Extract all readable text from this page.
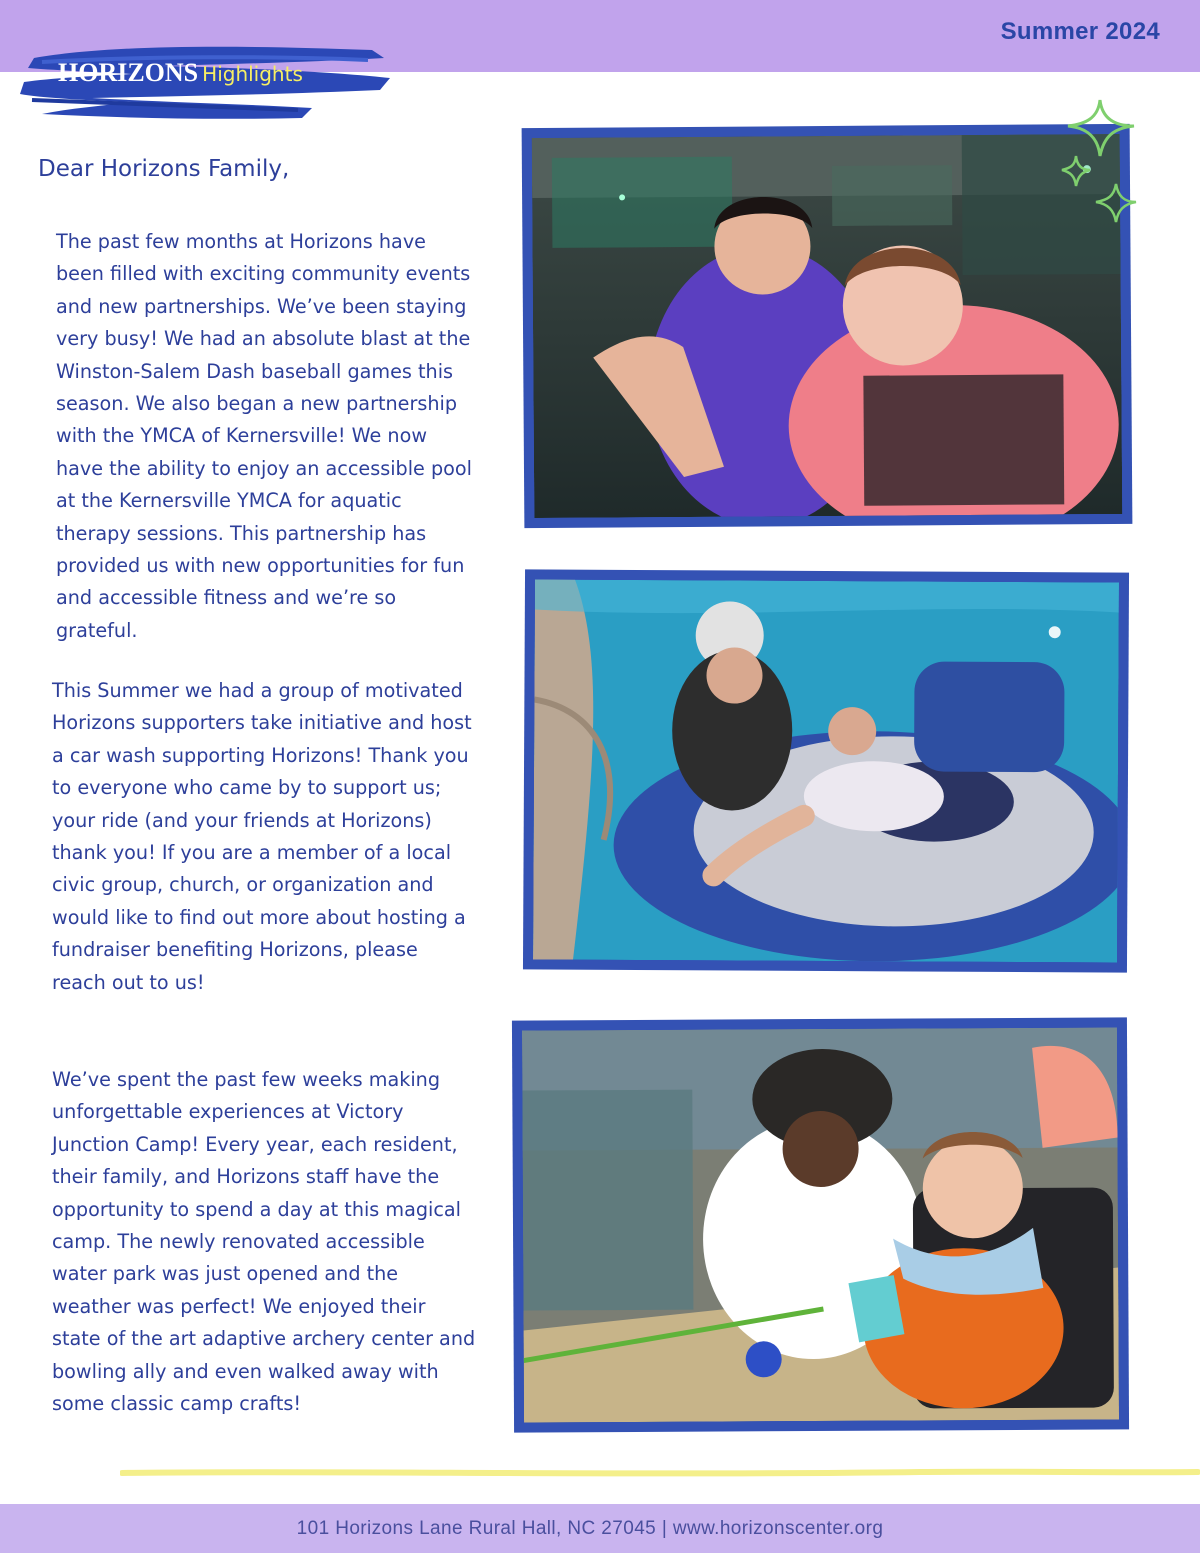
Summer 2024
HORIZONS Highlights
Dear Horizons Family,

The past few months at Horizons have been filled with exciting community events and new partnerships. We’ve been staying very busy! We had an absolute blast at the Winston-Salem Dash baseball games this season. We also began a new partnership with the YMCA of Kernersville! We now have the ability to enjoy an accessible pool at the Kernersville YMCA for aquatic therapy sessions. This partnership has provided us with new opportunities for fun and accessible fitness and we’re so grateful.

This Summer we had a group of motivated Horizons supporters take initiative and host a car wash supporting Horizons! Thank you to everyone who came by to support us; your ride (and your friends at Horizons) thank you! If you are a member of a local civic group, church, or organization and would like to find out more about hosting a fundraiser benefiting Horizons, please reach out to us!

We’ve spent the past few weeks making unforgettable experiences at Victory Junction Camp! Every year, each resident, their family, and Horizons staff have the opportunity to spend a day at this magical camp. The newly renovated accessible water park was just opened and the weather was perfect! We enjoyed their state of the art adaptive archery center and bowling ally and even walked away with some classic camp crafts!

101 Horizons Lane Rural Hall, NC 27045 | www.horizonscenter.org
